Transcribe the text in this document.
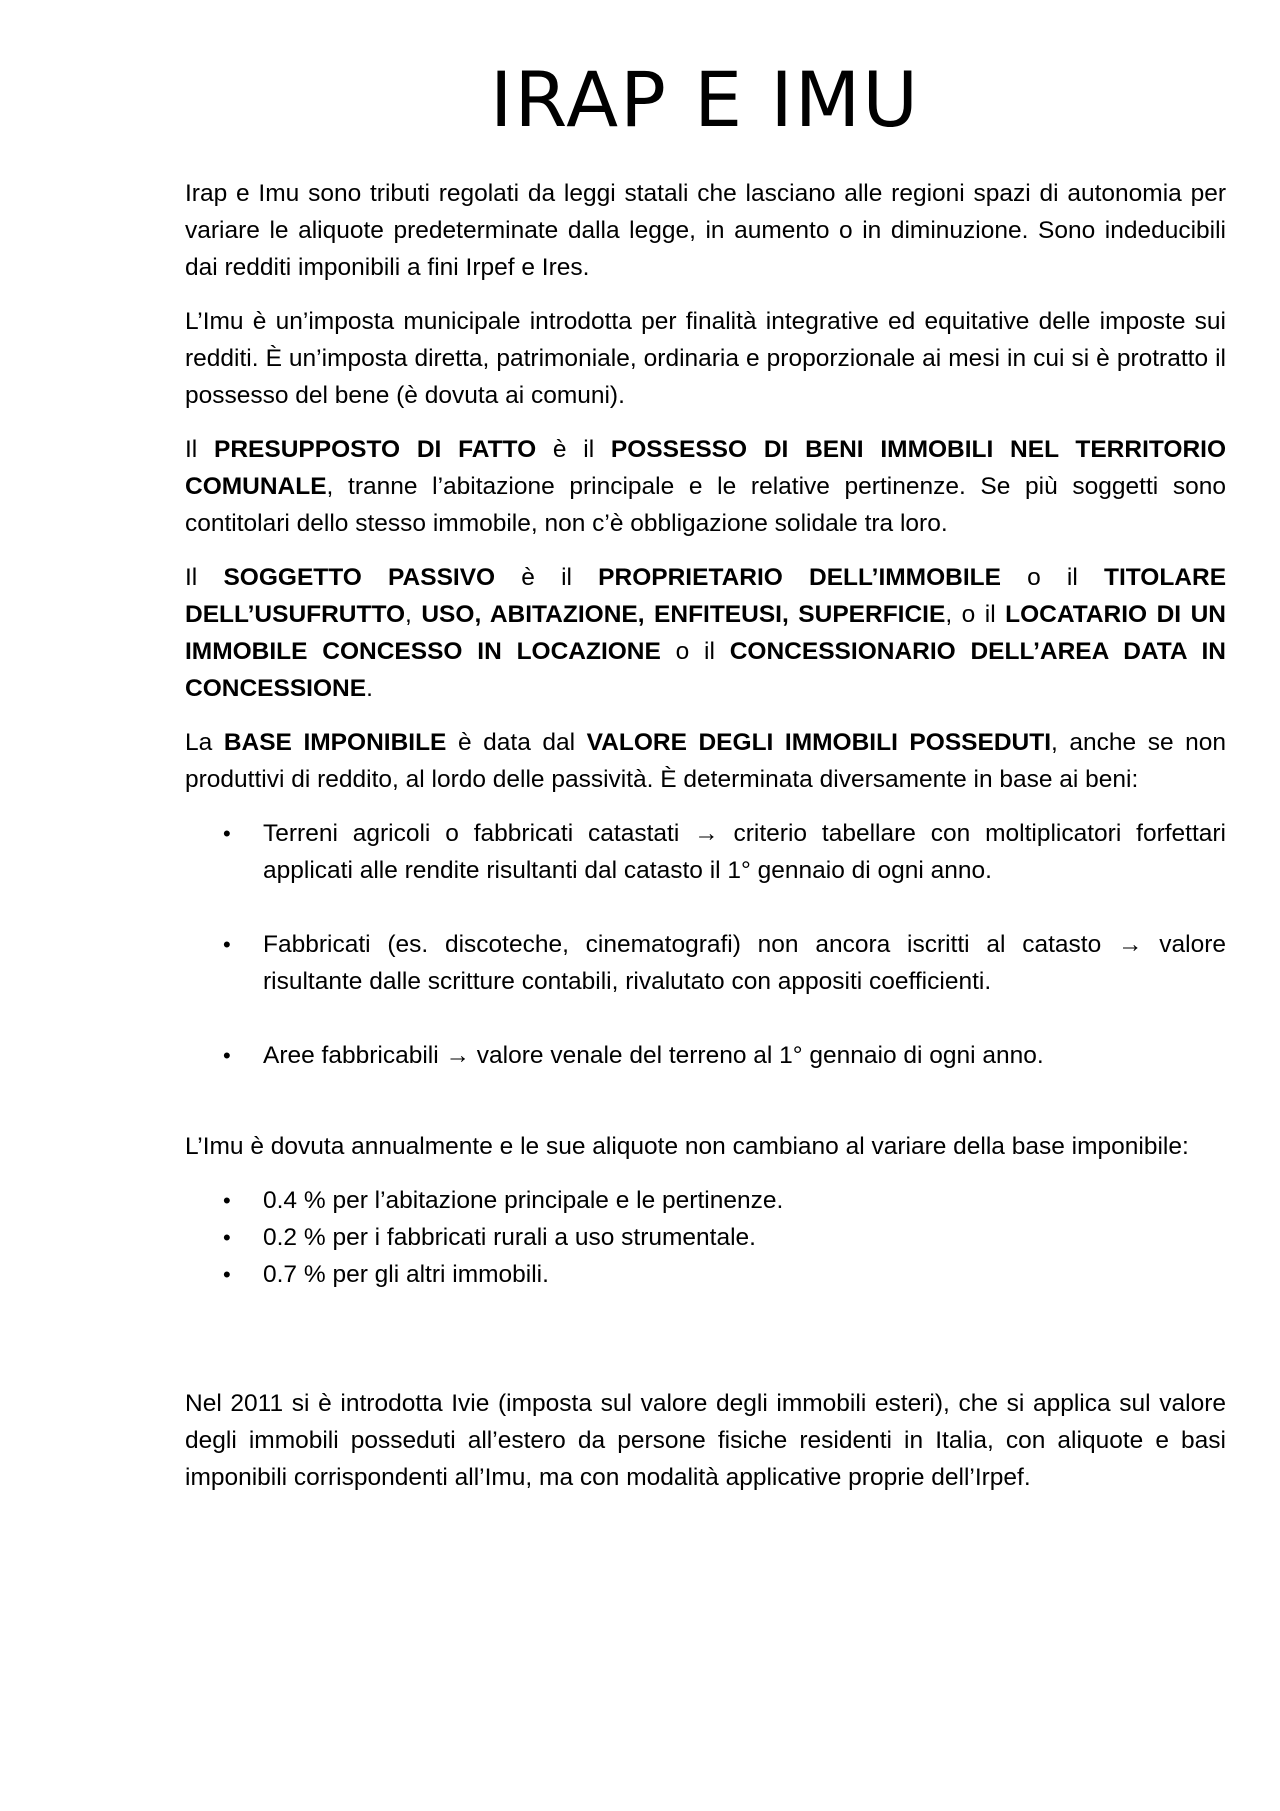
IRAP E IMU

Irap e Imu sono tributi regolati da leggi statali che lasciano alle regioni spazi di autonomia per variare le aliquote predeterminate dalla legge, in aumento o in diminuzione. Sono indeducibili dai redditi imponibili a fini Irpef e Ires.

L’Imu è un’imposta municipale introdotta per finalità integrative ed equitative delle imposte sui redditi. È un’imposta diretta, patrimoniale, ordinaria e proporzionale ai mesi in cui si è protratto il possesso del bene (è dovuta ai comuni).

Il PRESUPPOSTO DI FATTO è il POSSESSO DI BENI IMMOBILI NEL TERRITORIO COMUNALE, tranne l’abitazione principale e le relative pertinenze. Se più soggetti sono contitolari dello stesso immobile, non c’è obbligazione solidale tra loro.

Il SOGGETTO PASSIVO è il PROPRIETARIO DELL’IMMOBILE o il TITOLARE DELL’USUFRUTTO, USO, ABITAZIONE, ENFITEUSI, SUPERFICIE, o il LOCATARIO DI UN IMMOBILE CONCESSO IN LOCAZIONE o il CONCESSIONARIO DELL’AREA DATA IN CONCESSIONE.

La BASE IMPONIBILE è data dal VALORE DEGLI IMMOBILI POSSEDUTI, anche se non produttivi di reddito, al lordo delle passività. È determinata diversamente in base ai beni:

• Terreni agricoli o fabbricati catastati → criterio tabellare con moltiplicatori forfettari applicati alle rendite risultanti dal catasto il 1° gennaio di ogni anno.
• Fabbricati (es. discoteche, cinematografi) non ancora iscritti al catasto → valore risultante dalle scritture contabili, rivalutato con appositi coefficienti.
• Aree fabbricabili → valore venale del terreno al 1° gennaio di ogni anno.

L’Imu è dovuta annualmente e le sue aliquote non cambiano al variare della base imponibile:

• 0.4 % per l’abitazione principale e le pertinenze.
• 0.2 % per i fabbricati rurali a uso strumentale.
• 0.7 % per gli altri immobili.

Nel 2011 si è introdotta Ivie (imposta sul valore degli immobili esteri), che si applica sul valore degli immobili posseduti all’estero da persone fisiche residenti in Italia, con aliquote e basi imponibili corrispondenti all’Imu, ma con modalità applicative proprie dell’Irpef.
